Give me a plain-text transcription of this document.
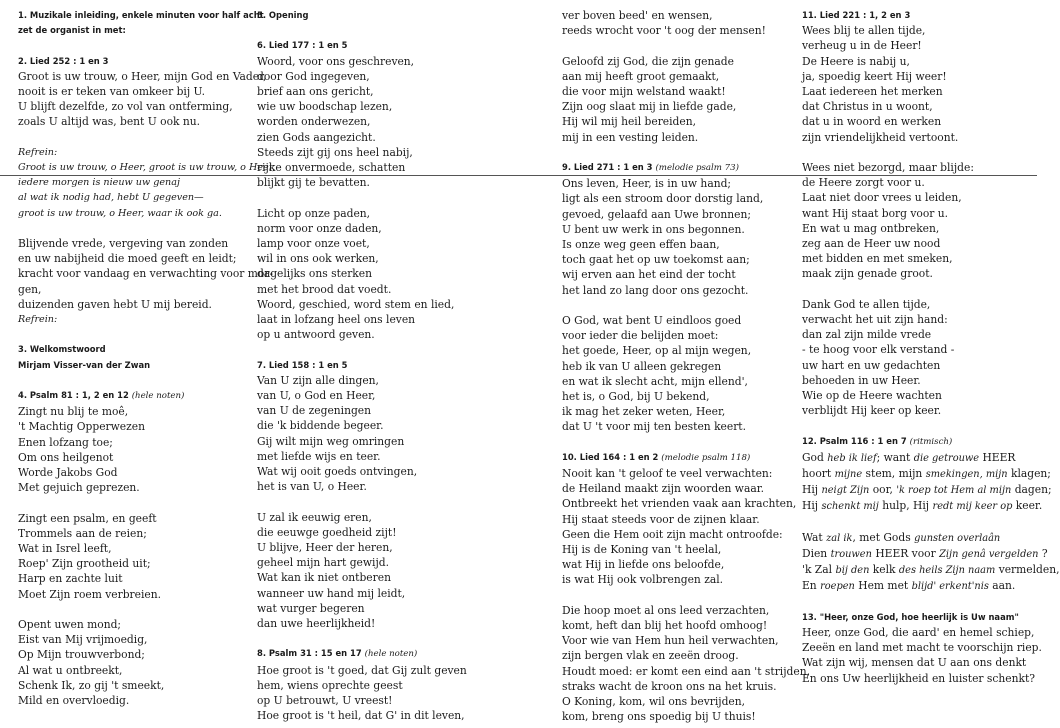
1. Muzikale inleiding, enkele minuten voor half acht
zet de organist in met:
2. Lied 252 : 1 en 3
Groot is uw trouw, o Heer, mijn God en Vader,
nooit is er teken van omkeer bij U.
U blijft dezelfde, zo vol van ontferming,
zoals U altijd was, bent U ook nu.
Refrein:
Groot is uw trouw, o Heer, groot is uw trouw, o Heer,
iedere morgen is nieuw uw genaj
al wat ik nodig had, hebt U gegeven—
groot is uw trouw, o Heer, waar ik ook ga.
Blijvende vrede, vergeving van zonden
en uw nabijheid die moed geeft en leidt;
kracht voor vandaag en verwachting voor mor-
gen,
duizenden gaven hebt U mij bereid.
Refrein:
3. Welkomstwoord
Mirjam Visser-van der Zwan
4. Psalm 81 : 1, 2 en 12 (hele noten)
Zingt nu blij te moê,
't Machtig Opperwezen
Enen lofzang toe;
Om ons heilgenot
Worde Jakobs God
Met gejuich geprezen.
Zingt een psalm, en geeft
Trommels aan de reien;
Wat in Isrel leeft,
Roep' Zijn grootheid uit;
Harp en zachte luit
Moet Zijn roem verbreien.
Opent uwen mond;
Eist van Mij vrijmoedig,
Op Mijn trouwverbond;
Al wat u ontbreekt,
Schenk Ik, zo gij 't smeekt,
Mild en overvloedig.
5. Opening
6. Lied 177 : 1 en 5
Woord, voor ons geschreven,
door God ingegeven,
brief aan ons gericht,
wie uw boodschap lezen,
worden onderwezen,
zien Gods aangezicht.
Steeds zijt gij ons heel nabij,
rijke onvermoede, schatten
blijkt gij te bevatten.
Licht op onze paden,
norm voor onze daden,
lamp voor onze voet,
wil in ons ook werken,
dagelijks ons sterken
met het brood dat voedt.
Woord, geschied, word stem en lied,
laat in lofzang heel ons leven
op u antwoord geven.
7. Lied 158 : 1 en 5
Van U zijn alle dingen,
van U, o God en Heer,
van U de zegeningen
die 'k biddende begeer.
Gij wilt mijn weg omringen
met liefde wijs en teer.
Wat wij ooit goeds ontvingen,
het is van U, o Heer.
U zal ik eeuwig eren,
die eeuwge goedheid zijt!
U blijve, Heer der heren,
geheel mijn hart gewijd.
Wat kan ik niet ontberen
wanneer uw hand mij leidt,
wat vurger begeren
dan uwe heerlijkheid!
8. Psalm 31 : 15 en 17 (hele noten)
Hoe groot is 't goed, dat Gij zult geven
hem, wiens oprechte geest
op U betrouwt, U vreest!
Hoe groot is 't heil, dat G' in dit leven,
ver boven beed' en wensen,
reeds wrocht voor 't oog der mensen!
Geloofd zij God, die zijn genade
aan mij heeft groot gemaakt,
die voor mijn welstand waakt!
Zijn oog slaat mij in liefde gade,
Hij wil mij heil bereiden,
mij in een vesting leiden.
9. Lied 271 : 1 en 3 (melodie psalm 73)
Ons leven, Heer, is in uw hand;
ligt als een stroom door dorstig land,
gevoed, gelaafd aan Uwe bronnen;
U bent uw werk in ons begonnen.
Is onze weg geen effen baan,
toch gaat het op uw toekomst aan;
wij erven aan het eind der tocht
het land zo lang door ons gezocht.
O God, wat bent U eindloos goed
voor ieder die belijden moet:
het goede, Heer, op al mijn wegen,
heb ik van U alleen gekregen
en wat ik slecht acht, mijn ellend',
het is, o God, bij U bekend,
ik mag het zeker weten, Heer,
dat U 't voor mij ten besten keert.
10. Lied 164 : 1 en 2 (melodie psalm 118)
Nooit kan 't geloof te veel verwachten:
de Heiland maakt zijn woorden waar.
Ontbreekt het vrienden vaak aan krachten,
Hij staat steeds voor de zijnen klaar.
Geen die Hem ooit zijn macht ontroofde:
Hij is de Koning van 't heelal,
wat Hij in liefde ons beloofde,
is wat Hij ook volbrengen zal.
Die hoop moet al ons leed verzachten,
komt, heft dan blij het hoofd omhoog!
Voor wie van Hem hun heil verwachten,
zijn bergen vlak en zeeën droog.
Houdt moed: er komt een eind aan 't strijden,
straks wacht de kroon ons na het kruis.
O Koning, kom, wil ons bevrijden,
kom, breng ons spoedig bij U thuis!
11. Lied 221 : 1, 2 en 3
Wees blij te allen tijde,
verheug u in de Heer!
De Heere is nabij u,
ja, spoedig keert Hij weer!
Laat iedereen het merken
dat Christus in u woont,
dat u in woord en werken
zijn vriendelijkheid vertoont.
Wees niet bezorgd, maar blijde:
de Heere zorgt voor u.
Laat niet door vrees u leiden,
want Hij staat borg voor u.
En wat u mag ontbreken,
zeg aan de Heer uw nood
met bidden en met smeken,
maak zijn genade groot.
Dank God te allen tijde,
verwacht het uit zijn hand:
dan zal zijn milde vrede
- te hoog voor elk verstand -
uw hart en uw gedachten
behoeden in uw Heer.
Wie op de Heere wachten
verblijdt Hij keer op keer.
12. Psalm 116 : 1 en 7 (ritmisch)
God heb ik lief; want die getrouwe HEER
hoort mijne stem, mijn smekingen, mijn klagen;
Hij neigt Zijn oor, 'k roep tot Hem al mijn dagen;
Hij schenkt mij hulp, Hij redt mij keer op keer.
Wat zal ik, met Gods gunsten overlaân
Dien trouwen HEER voor Zijn genâ vergelden ?
'k Zal bij den kelk des heils Zijn naam vermelden,
En roepen Hem met blijd' erkent'nis aan.
13. "Heer, onze God, hoe heerlijk is Uw naam"
Heer, onze God, die aard' en hemel schiep,
Zeeën en land met macht te voorschijn riep.
Wat zijn wij, mensen dat U aan ons denkt
En ons Uw heerlijkheid en luister schenkt?
